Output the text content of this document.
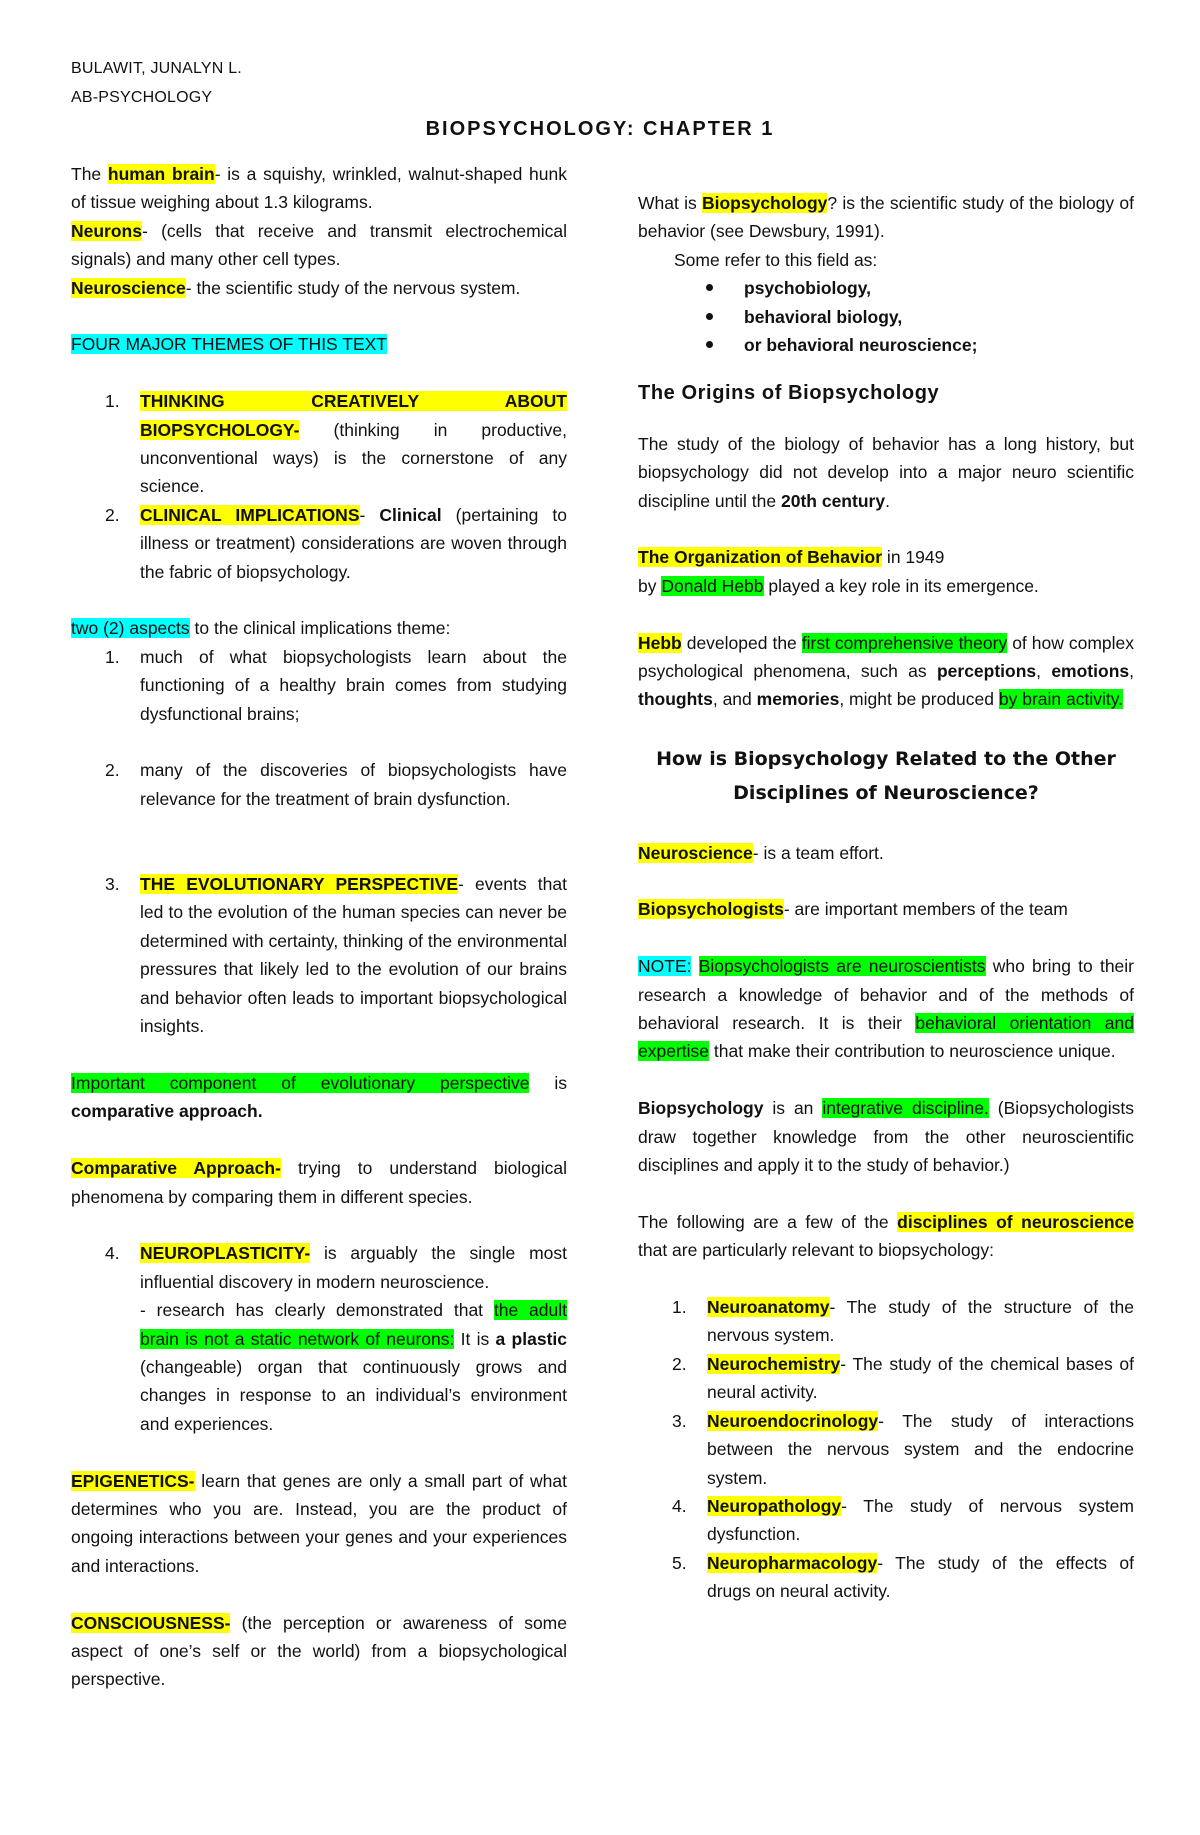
BULAWIT, JUNALYN L.
AB-PSYCHOLOGY
BIOPSYCHOLOGY: CHAPTER 1

The human brain- is a squishy, wrinkled, walnut-shaped hunk of tissue weighing about 1.3 kilograms.

Neurons- (cells that receive and transmit electrochemical signals) and many other cell types.

Neuroscience- the scientific study of the nervous system.

FOUR MAJOR THEMES OF THIS TEXT

1. THINKING CREATIVELY ABOUT BIOPSYCHOLOGY- (thinking in productive, unconventional ways) is the cornerstone of any science.
2. CLINICAL IMPLICATIONS- Clinical (pertaining to illness or treatment) considerations are woven through the fabric of biopsychology.

two (2) aspects to the clinical implications theme:

1. much of what biopsychologists learn about the functioning of a healthy brain comes from studying dysfunctional brains;
2. many of the discoveries of biopsychologists have relevance for the treatment of brain dysfunction.
3. THE EVOLUTIONARY PERSPECTIVE- events that led to the evolution of the human species can never be determined with certainty, thinking of the environmental pressures that likely led to the evolution of our brains and behavior often leads to important biopsychological insights.

Important component of evolutionary perspective is comparative approach.

Comparative Approach- trying to understand biological phenomena by comparing them in different species.

4. NEUROPLASTICITY- is arguably the single most influential discovery in modern neuroscience.
- research has clearly demonstrated that the adult brain is not a static network of neurons: It is a plastic (changeable) organ that continuously grows and changes in response to an individual’s environment and experiences.

EPIGENETICS- learn that genes are only a small part of what determines who you are. Instead, you are the product of ongoing interactions between your genes and your experiences and interactions.

CONSCIOUSNESS- (the perception or awareness of some aspect of one’s self or the world) from a biopsychological perspective.

What is Biopsychology? is the scientific study of the biology of behavior (see Dewsbury, 1991).

Some refer to this field as:

psychobiology,
behavioral biology,
or behavioral neuroscience;

The Origins of Biopsychology

The study of the biology of behavior has a long history, but biopsychology did not develop into a major neuro scientific discipline until the 20th century.

The Organization of Behavior in 1949

by Donald Hebb played a key role in its emergence.

Hebb developed the first comprehensive theory of how complex psychological phenomena, such as perceptions, emotions, thoughts, and memories, might be produced by brain activity.

How is Biopsychology Related to the Other Disciplines of Neuroscience?

Neuroscience- is a team effort.

Biopsychologists- are important members of the team

NOTE: Biopsychologists are neuroscientists who bring to their research a knowledge of behavior and of the methods of behavioral research. It is their behavioral orientation and expertise that make their contribution to neuroscience unique.

Biopsychology is an integrative discipline. (Biopsychologists draw together knowledge from the other neuroscientific disciplines and apply it to the study of behavior.)

The following are a few of the disciplines of neuroscience that are particularly relevant to biopsychology:

1. Neuroanatomy- The study of the structure of the nervous system.
2. Neurochemistry- The study of the chemical bases of neural activity.
3. Neuroendocrinology- The study of interactions between the nervous system and the endocrine system.
4. Neuropathology- The study of nervous system dysfunction.
5. Neuropharmacology- The study of the effects of drugs on neural activity.
